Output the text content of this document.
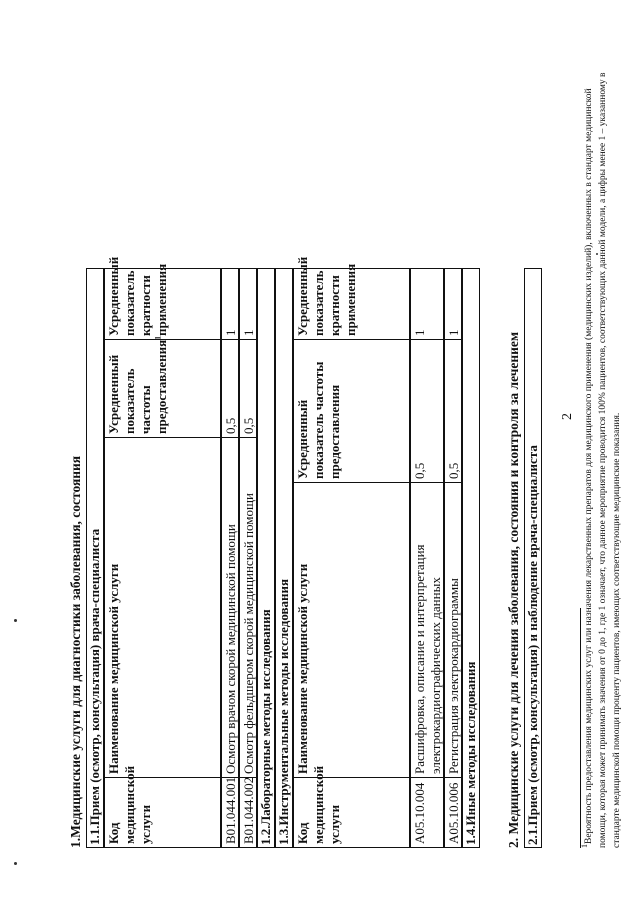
1.Медицинские услуги для диагностики заболевания, состояния 1.1.Прием (осмотр, консультация) врача-специалиста Код медицинской услуги
Наименование медицинской услуги
Усредненный показатель частоты предоставления$^1$
Усредненный показатель кратности применения
B01.044.001
Осмотр врачом скорой медицинской помощи
0,5
1
B01.044.002
Осмотр фельдшером скорой медицинской помощи
0,5
1
1.2.Лабораторные методы исследования 1.3.Инструментальные методы исследования Код медицинской услуги
Наименование медицинской услуги
Усредненный показатель частоты предоставления
Усредненный показатель кратности применения
A05.10.004
Расшифровка, описание и интерпретация электрокардиографических данных
0,5
1
A05.10.006
Регистрация электрокардиограммы
0,5
1
1.4.Иные методы исследования 2. Медицинские услуги для лечения заболевания, состояния и контроля за лечением 2.1.Прием (осмотр, консультация) и наблюдение врача-специалиста
2
$^1$Вероятность предоставления медицинских услуг или назначения лекарственных препаратов для медицинского применения (медицинских изделий), включенных в стандарт медицинской помощи, которая может принимать значения от 0 до 1, где 1 означает, что данное мероприятие проводится 100% пациентов, соответствующих данной модели, а цифры менее 1 – указанному в стандарте медицинской помощи проценту пациентов, имеющих соответствующие медицинские показания.
